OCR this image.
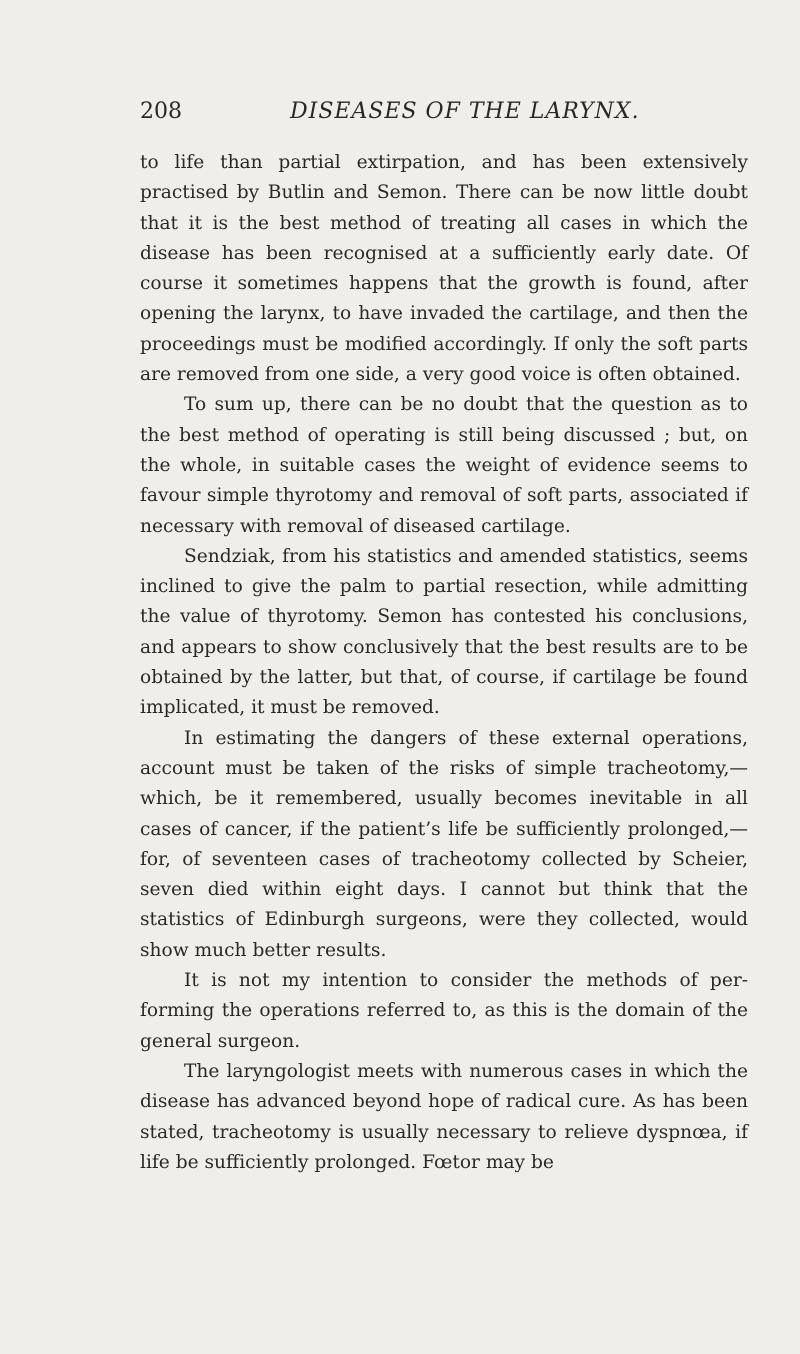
208	DISEASES OF THE LARYNX.

to life than partial extirpation, and has been extensively practised by Butlin and Semon. There can be now little doubt that it is the best method of treating all cases in which the disease has been recognised at a sufficiently early date. Of course it sometimes happens that the growth is found, after opening the larynx, to have invaded the cartilage, and then the proceedings must be modified accordingly. If only the soft parts are removed from one side, a very good voice is often obtained.

To sum up, there can be no doubt that the question as to the best method of operating is still being discussed ; but, on the whole, in suitable cases the weight of evidence seems to favour simple thyrotomy and removal of soft parts, associated if necessary with removal of diseased cartilage.

Sendziak, from his statistics and amended statistics, seems inclined to give the palm to partial resection, while admitting the value of thyrotomy. Semon has contested his conclusions, and appears to show conclusively that the best results are to be obtained by the latter, but that, of course, if cartilage be found implicated, it must be removed.

In estimating the dangers of these external operations, account must be taken of the risks of simple tracheotomy,— which, be it remembered, usually becomes inevitable in all cases of cancer, if the patient’s life be sufficiently prolonged,— for, of seventeen cases of tracheotomy collected by Scheier, seven died within eight days. I cannot but think that the statistics of Edinburgh surgeons, were they collected, would show much better results.

It is not my intention to consider the methods of per- forming the operations referred to, as this is the domain of the general surgeon.

The laryngologist meets with numerous cases in which the disease has advanced beyond hope of radical cure. As has been stated, tracheotomy is usually necessary to relieve dyspnœa, if life be sufficiently prolonged. Fœtor may be
